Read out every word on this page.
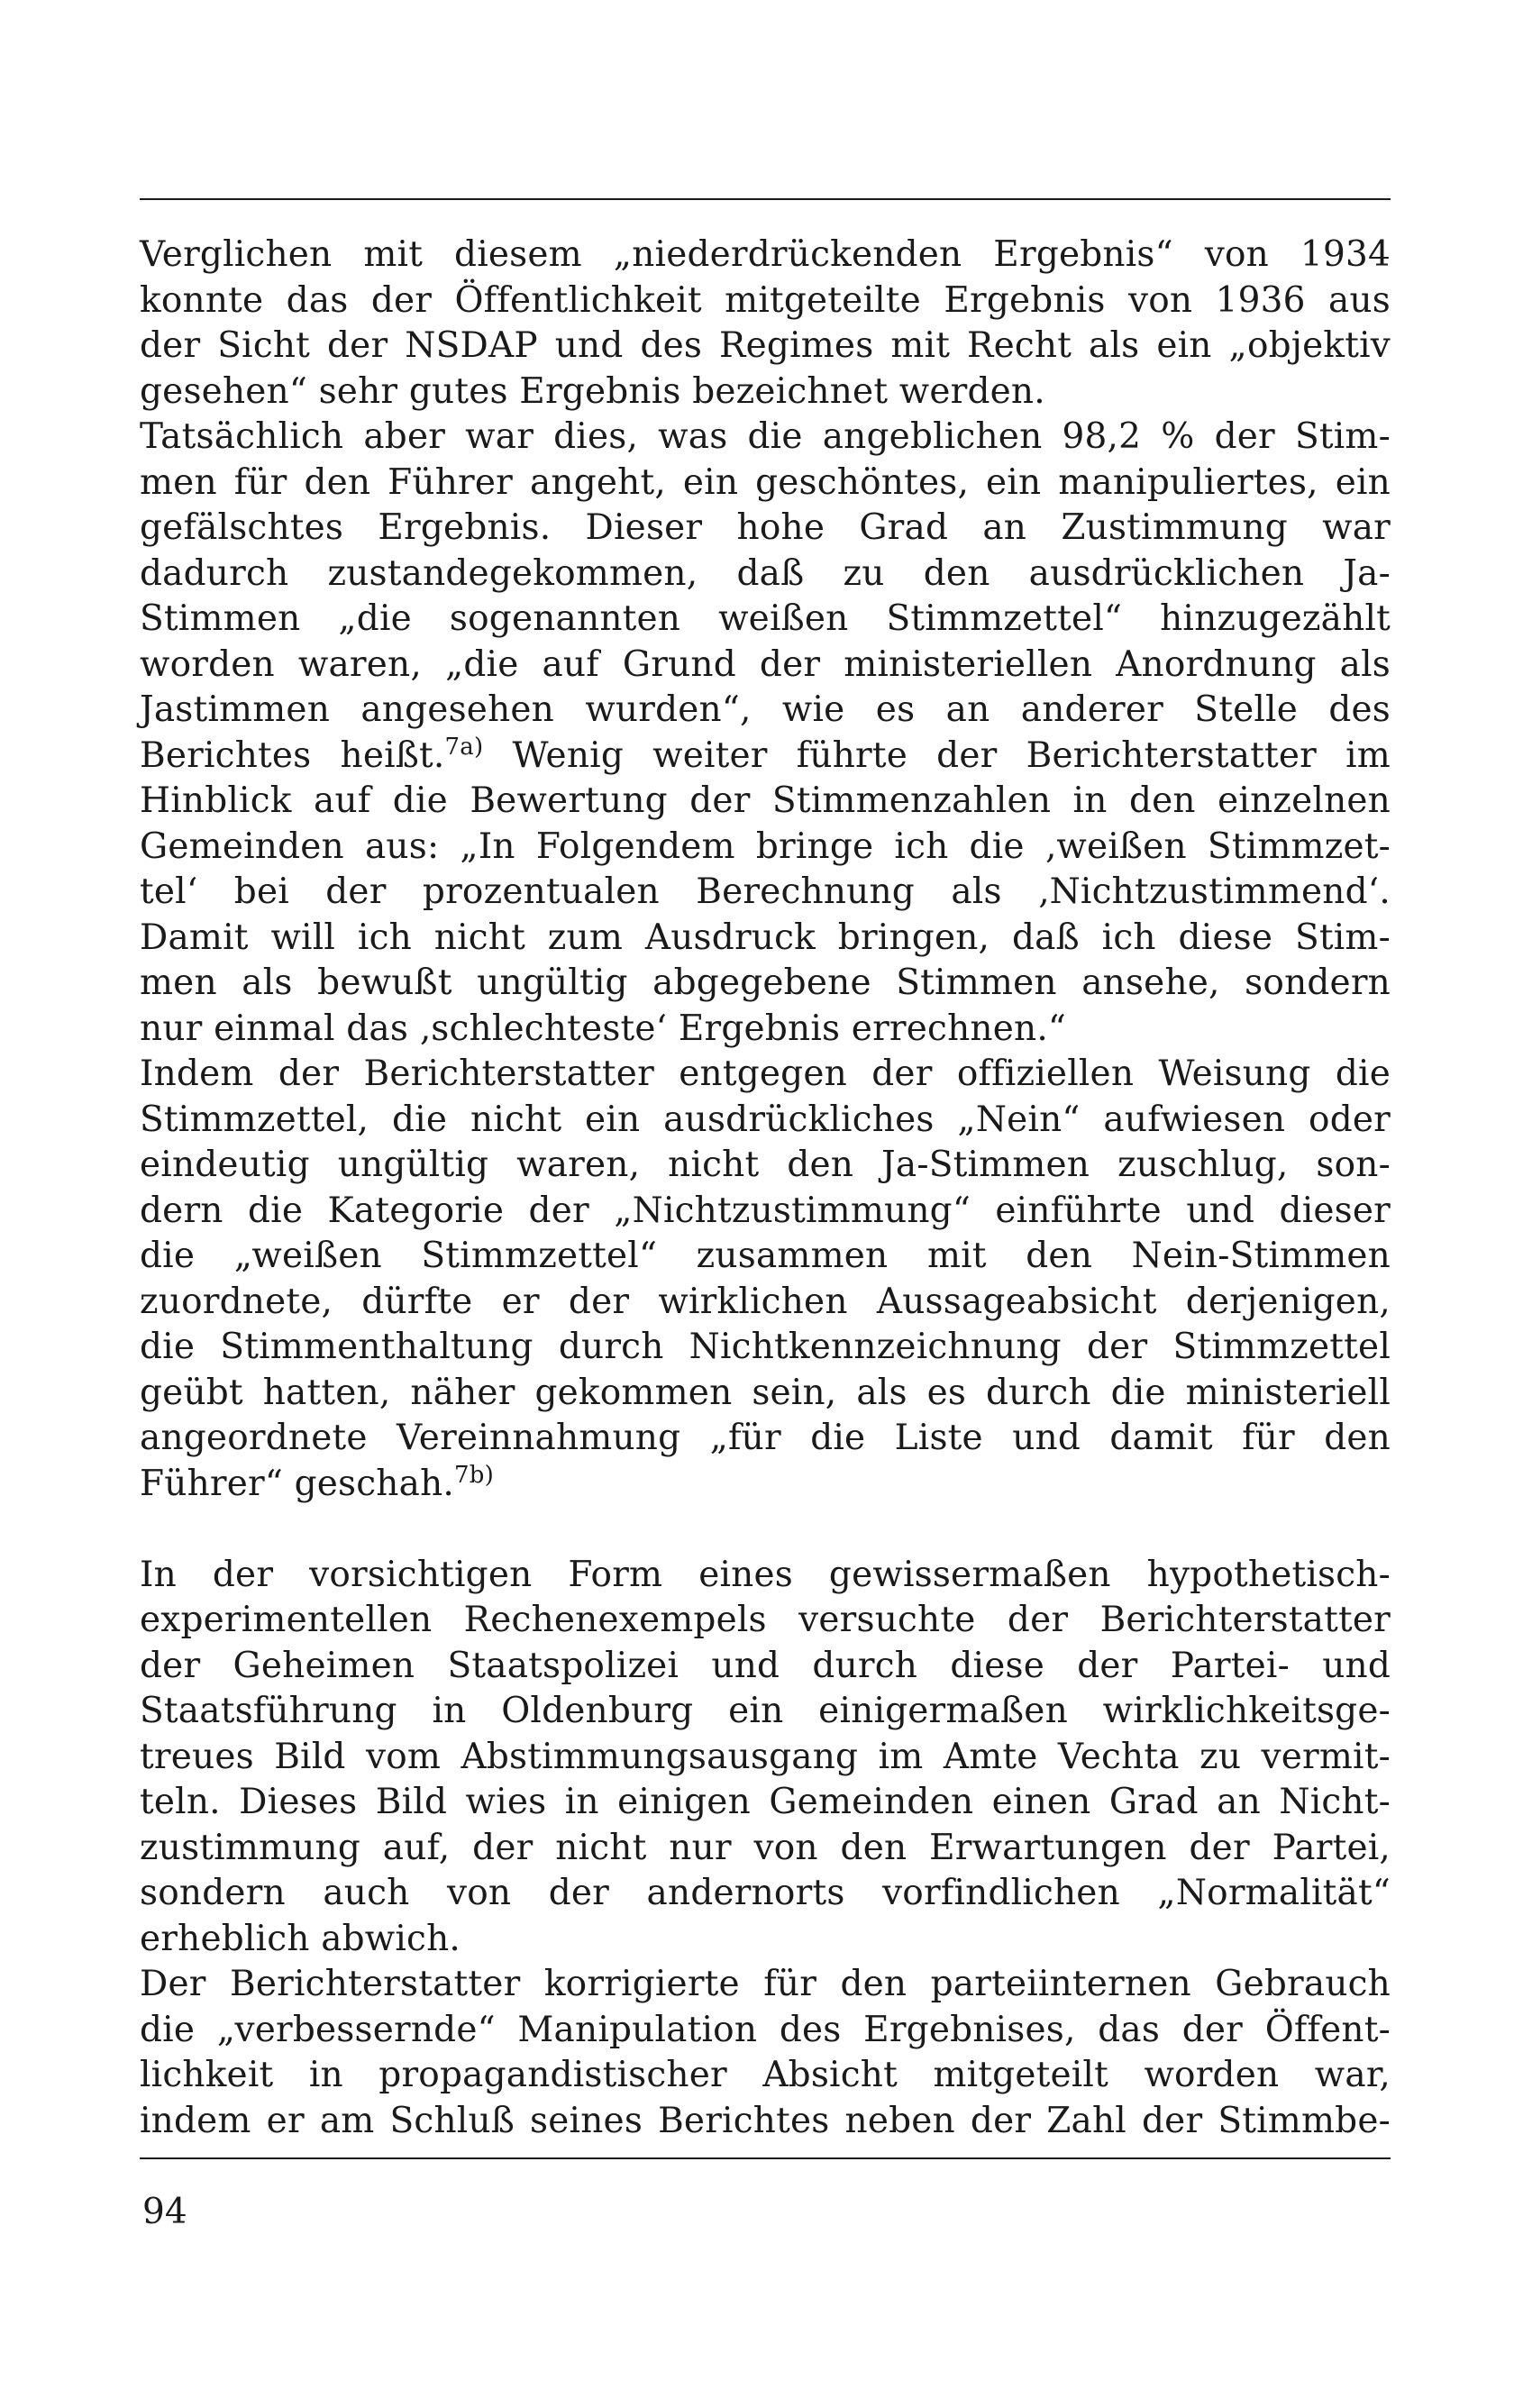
Verglichen mit diesem „niederdrückenden Ergebnis“ von 1934
konnte das der Öffentlichkeit mitgeteilte Ergebnis von 1936 aus
der Sicht der NSDAP und des Regimes mit Recht als ein „objektiv
gesehen“ sehr gutes Ergebnis bezeichnet werden.
Tatsächlich aber war dies, was die angeblichen 98,2 % der Stim-
men für den Führer angeht, ein geschöntes, ein manipuliertes, ein
gefälschtes Ergebnis. Dieser hohe Grad an Zustimmung war
dadurch zustandegekommen, daß zu den ausdrücklichen Ja-
Stimmen „die sogenannten weißen Stimmzettel“ hinzugezählt
worden waren, „die auf Grund der ministeriellen Anordnung als
Jastimmen angesehen wurden“, wie es an anderer Stelle des
Berichtes heißt.$^{7a)}$ Wenig weiter führte der Berichterstatter im
Hinblick auf die Bewertung der Stimmenzahlen in den einzelnen
Gemeinden aus: „In Folgendem bringe ich die ‚weißen Stimmzet-
tel‘ bei der prozentualen Berechnung als ‚Nichtzustimmend‘.
Damit will ich nicht zum Ausdruck bringen, daß ich diese Stim-
men als bewußt ungültig abgegebene Stimmen ansehe, sondern
nur einmal das ‚schlechteste‘ Ergebnis errechnen.“
Indem der Berichterstatter entgegen der offiziellen Weisung die
Stimmzettel, die nicht ein ausdrückliches „Nein“ aufwiesen oder
eindeutig ungültig waren, nicht den Ja-Stimmen zuschlug, son-
dern die Kategorie der „Nichtzustimmung“ einführte und dieser
die „weißen Stimmzettel“ zusammen mit den Nein-Stimmen
zuordnete, dürfte er der wirklichen Aussageabsicht derjenigen,
die Stimmenthaltung durch Nichtkennzeichnung der Stimmzettel
geübt hatten, näher gekommen sein, als es durch die ministeriell
angeordnete Vereinnahmung „für die Liste und damit für den
Führer“ geschah.$^{7b)}$
In der vorsichtigen Form eines gewissermaßen hypothetisch-
experimentellen Rechenexempels versuchte der Berichterstatter
der Geheimen Staatspolizei und durch diese der Partei- und
Staatsführung in Oldenburg ein einigermaßen wirklichkeitsge-
treues Bild vom Abstimmungsausgang im Amte Vechta zu vermit-
teln. Dieses Bild wies in einigen Gemeinden einen Grad an Nicht-
zustimmung auf, der nicht nur von den Erwartungen der Partei,
sondern auch von der andernorts vorfindlichen „Normalität“
erheblich abwich.
Der Berichterstatter korrigierte für den parteiinternen Gebrauch
die „verbessernde“ Manipulation des Ergebnises, das der Öffent-
lichkeit in propagandistischer Absicht mitgeteilt worden war,
indem er am Schluß seines Berichtes neben der Zahl der Stimmbe-
94
